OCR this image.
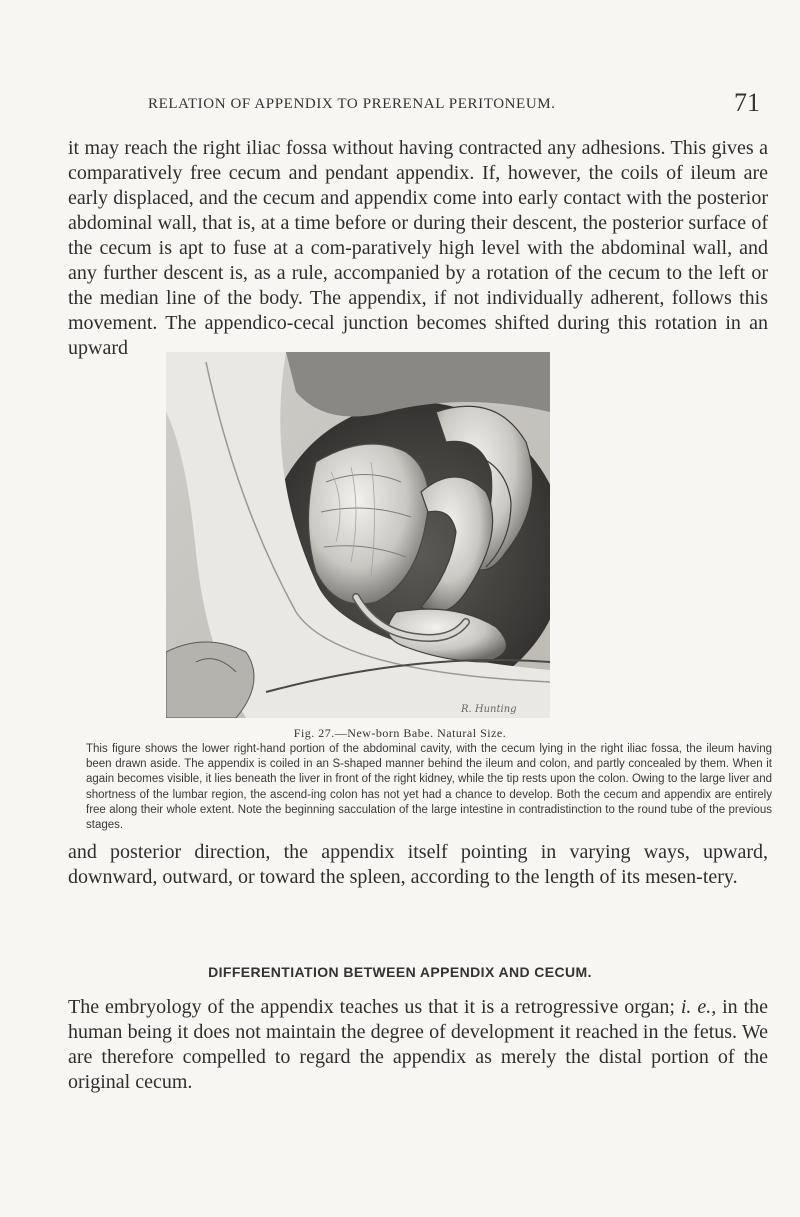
RELATION OF APPENDIX TO PRERENAL PERITONEUM.	71

it may reach the right iliac fossa without having contracted any adhesions. This gives a comparatively free cecum and pendant appendix. If, however, the coils of ileum are early displaced, and the cecum and appendix come into early contact with the posterior abdominal wall, that is, at a time before or during their descent, the posterior surface of the cecum is apt to fuse at a com-paratively high level with the abdominal wall, and any further descent is, as a rule, accompanied by a rotation of the cecum to the left or the median line of the body. The appendix, if not individually adherent, follows this movement. The appendico-cecal junction becomes shifted during this rotation in an upward

R. Hunting
Fig. 27.—New-born Babe. Natural Size.

This figure shows the lower right-hand portion of the abdominal cavity, with the cecum lying in the right iliac fossa, the ileum having been drawn aside. The appendix is coiled in an S-shaped manner behind the ileum and colon, and partly concealed by them. When it again becomes visible, it lies beneath the liver in front of the right kidney, while the tip rests upon the colon. Owing to the large liver and shortness of the lumbar region, the ascend-ing colon has not yet had a chance to develop. Both the cecum and appendix are entirely free along their whole extent. Note the beginning sacculation of the large intestine in contradistinction to the round tube of the previous stages.

and posterior direction, the appendix itself pointing in varying ways, upward, downward, outward, or toward the spleen, according to the length of its mesen-tery.

DIFFERENTIATION BETWEEN APPENDIX AND CECUM.

The embryology of the appendix teaches us that it is a retrogressive organ; i. e., in the human being it does not maintain the degree of development it reached in the fetus. We are therefore compelled to regard the appendix as merely the distal portion of the original cecum.
